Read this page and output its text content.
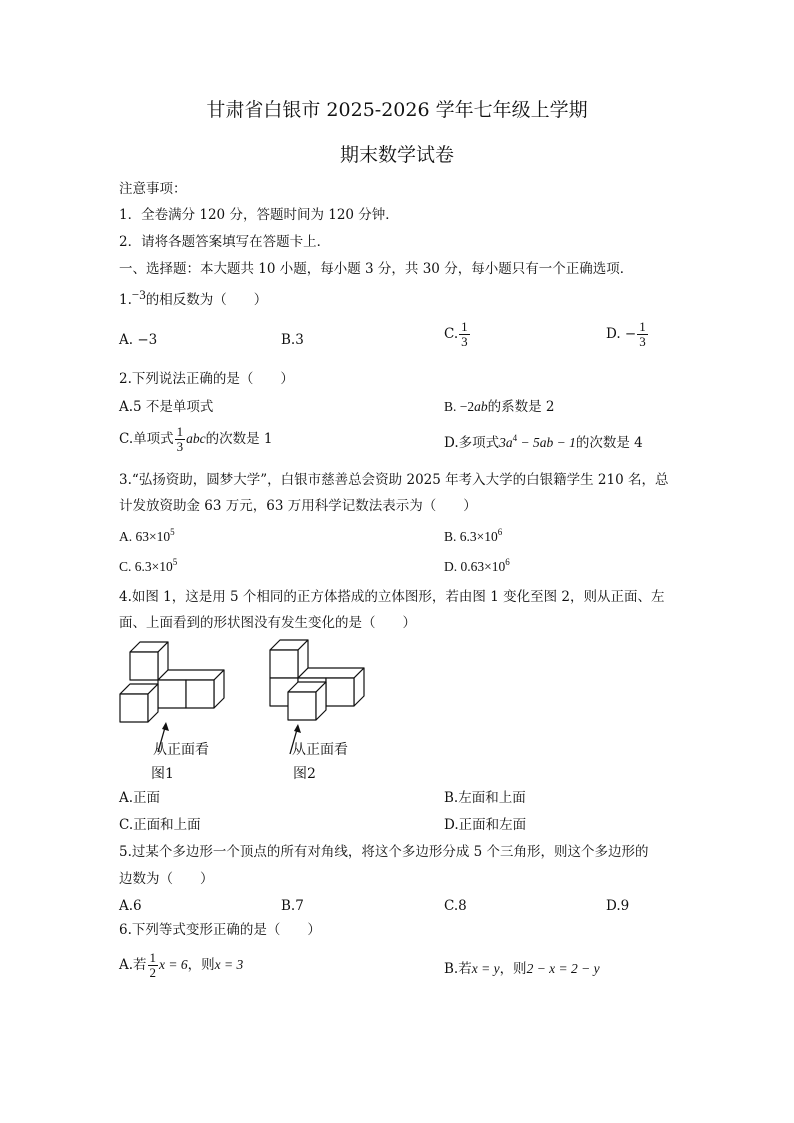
甘肃省白银市 2025-2026 学年七年级上学期
期末数学试卷
注意事项：
1．全卷满分 120 分，答题时间为 120 分钟．
2．请将各题答案填写在答题卡上．
一、选择题：本大题共 10 小题，每小题 3 分，共 30 分，每小题只有一个正确选项．
1.$^{-3}$的相反数为（　　）
A. −3	B.3	C. $\frac{1}{3}$	D. − $\frac{1}{3}$
2.下列说法正确的是（　　）
A.5 不是单项式	B. −2ab的系数是 2
C.单项式 $\frac{1}{3}$ abc的次数是 1	D.多项式$3a^4 - 5ab - 1$的次数是 4
3.“弘扬资助，圆梦大学”，白银市慈善总会资助 2025 年考入大学的白银籍学生 210 名，总
计发放资助金 63 万元，63 万用科学记数法表示为（　　）
A. $63\times 10^5$	B. $6.3\times 10^6$
C. $6.3\times 10^5$	D. $0.63\times 10^6$
4.如图 1，这是用 5 个相同的正方体搭成的立体图形，若由图 1 变化至图 2，则从正面、左
面、上面看到的形状图没有发生变化的是（　　）
从正面看
图1
从正面看
图2
A.正面	B.左面和上面
C.正面和上面	D.正面和左面
5.过某个多边形一个顶点的所有对角线，将这个多边形分成 5 个三角形，则这个多边形的
边数为（　　）
A.6	B.7	C.8	D.9
6.下列等式变形正确的是（　　）
A.若 $\frac{1}{2}$ x = 6，则x = 3	B.若x = y，则2 − x = 2 − y
